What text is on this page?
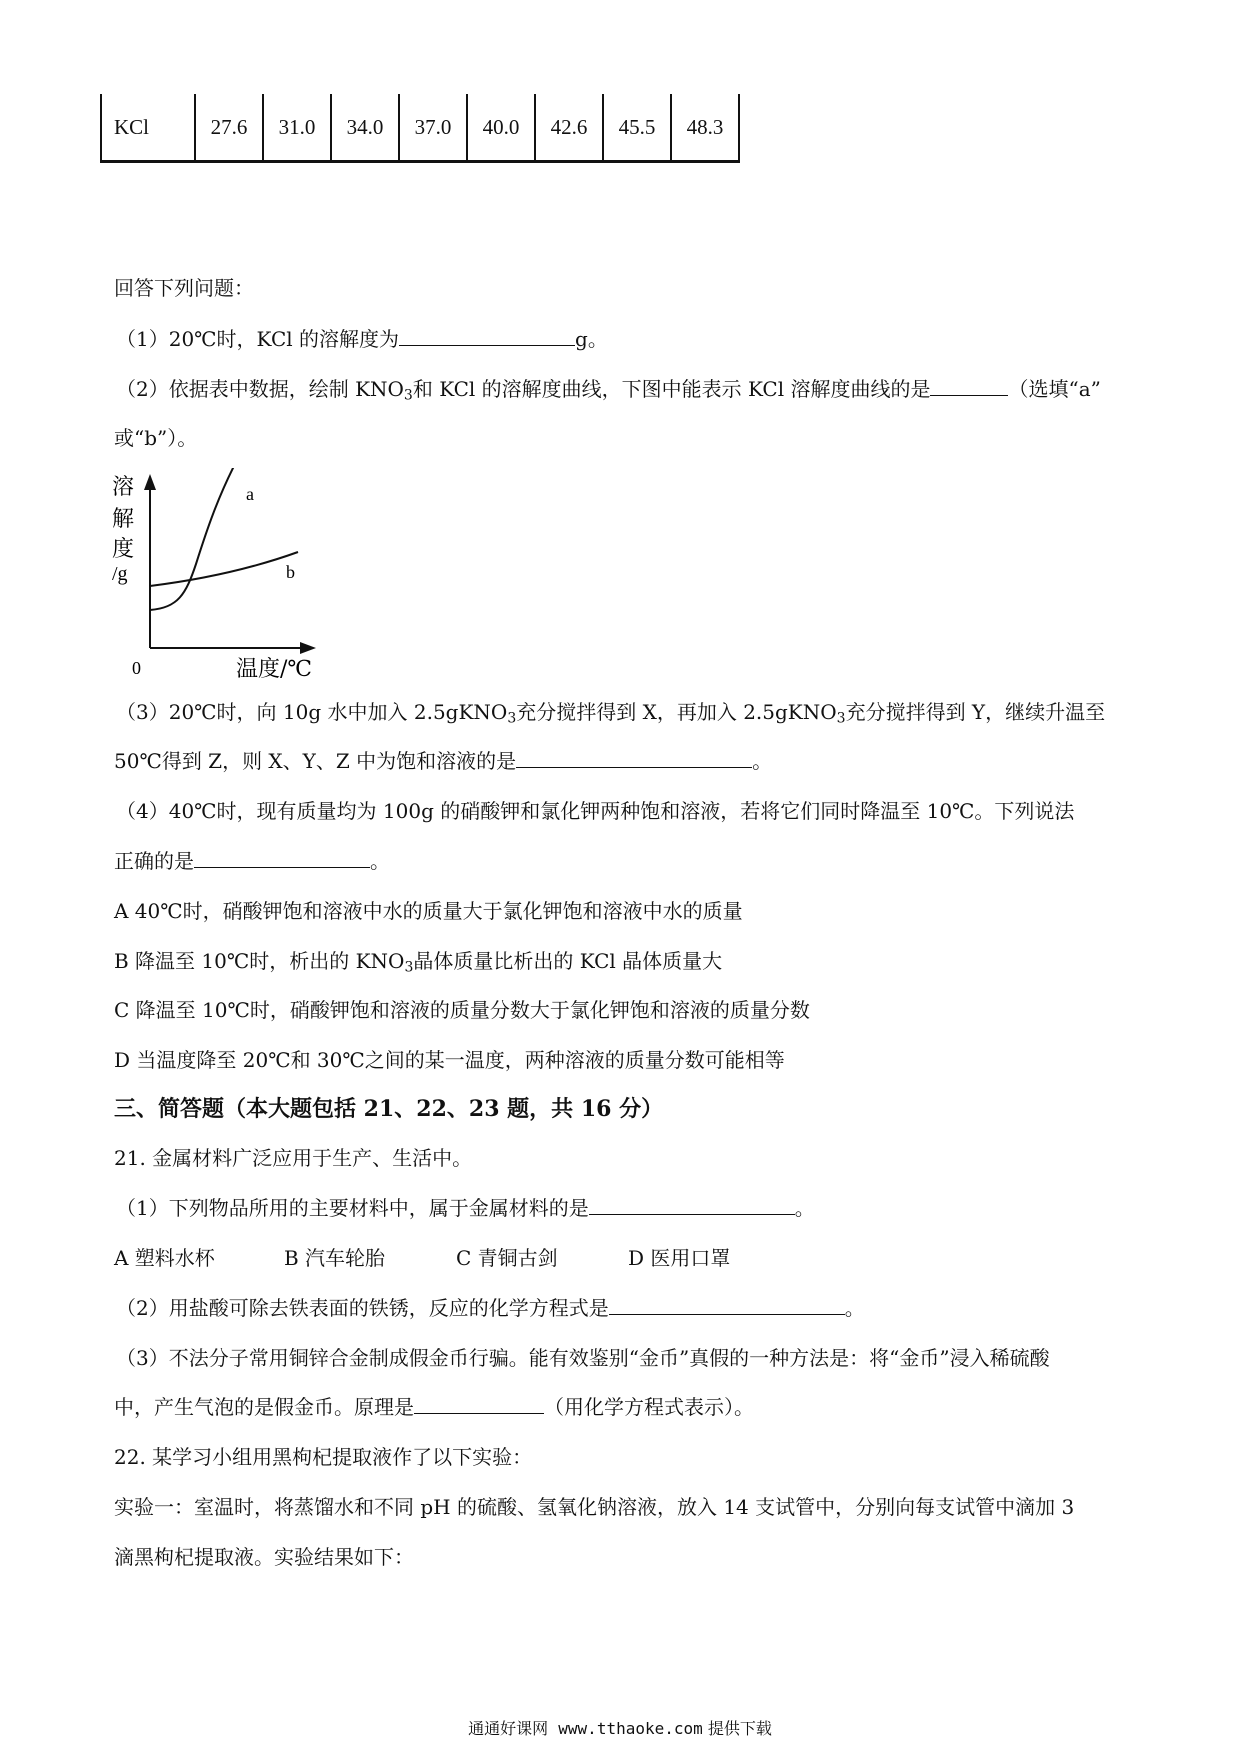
KCl	27.6	31.0	34.0	37.0	40.0	42.6	45.5	48.3
回答下列问题：
（1）20℃时，KCl 的溶解度为	g。
（2）依据表中数据，绘制 $KNO_3$和 KCl 的溶解度曲线，下图中能表示 KCl 溶解度曲线的是	（选填“a”
或“b”）。
溶
解
度
/g
a
b
0	温度/℃
（3）20℃时，向 10g 水中加入 2.5gKNO$_3$充分搅拌得到 X，再加入 2.5gKNO$_3$充分搅拌得到 Y，继续升温至
50℃得到 Z，则 X、Y、Z 中为饱和溶液的是	。
（4）40℃时，现有质量均为 100g 的硝酸钾和氯化钾两种饱和溶液，若将它们同时降温至 10℃。下列说法
正确的是	。
A 40℃时，硝酸钾饱和溶液中水的质量大于氯化钾饱和溶液中水的质量
B 降温至 10℃时，析出的 $KNO_3$晶体质量比析出的 KCl 晶体质量大
C 降温至 10℃时，硝酸钾饱和溶液的质量分数大于氯化钾饱和溶液的质量分数
D 当温度降至 20℃和 30℃之间的某一温度，两种溶液的质量分数可能相等
三、简答题（本大题包括 21、22、23 题，共 16 分）
21. 金属材料广泛应用于生产、生活中。
（1）下列物品所用的主要材料中，属于金属材料的是	。
A 塑料水杯	B 汽车轮胎	C 青铜古剑	D 医用口罩
（2）用盐酸可除去铁表面的铁锈，反应的化学方程式是	。
（3）不法分子常用铜锌合金制成假金币行骗。能有效鉴别“金币”真假的一种方法是：将“金币”浸入稀硫酸
中，产生气泡的是假金币。原理是	（用化学方程式表示）。
22. 某学习小组用黑枸杞提取液作了以下实验：
实验一：室温时，将蒸馏水和不同 pH 的硫酸、氢氧化钠溶液，放入 14 支试管中，分别向每支试管中滴加 3
滴黑枸杞提取液。实验结果如下：
通通好课网 www.tthaoke.com 提供下载
